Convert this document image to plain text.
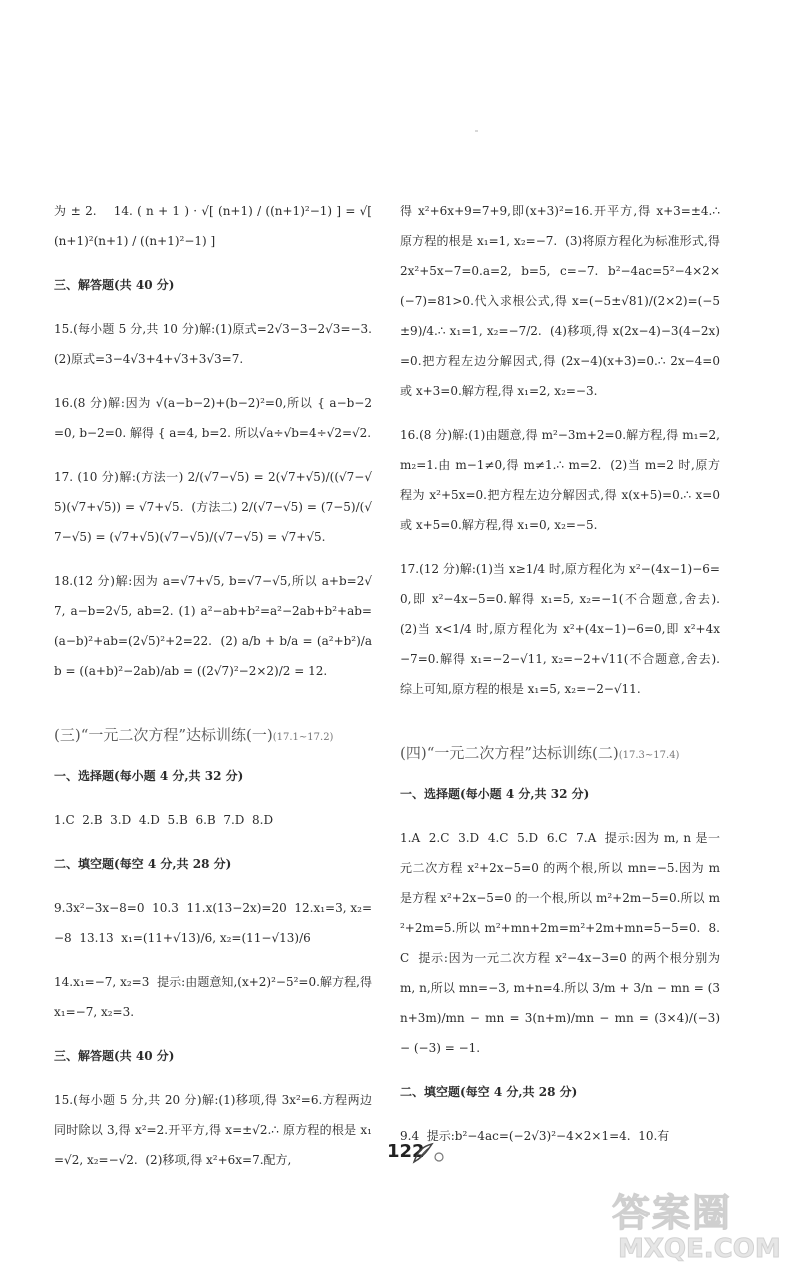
为 ± 2.    14. ( n + 1 ) · √[ (n+1) / ((n+1)²−1) ] = √[ (n+1)²(n+1) / ((n+1)²−1) ]

三、解答题(共 40 分)

15.(每小题 5 分,共 10 分)解:(1)原式=2√3−3−2√3=−3.  (2)原式=3−4√3+4+√3+3√3=7.

16.(8 分)解:因为 √(a−b−2)+(b−2)²=0,所以 { a−b−2=0, b−2=0. 解得 { a=4, b=2. 所以√a÷√b=4÷√2=√2.

17. (10 分)解:(方法一) 2/(√7−√5) = 2(√7+√5)/((√7−√5)(√7+√5)) = √7+√5.  (方法二) 2/(√7−√5) = (7−5)/(√7−√5) = (√7+√5)(√7−√5)/(√7−√5) = √7+√5.

18.(12 分)解:因为 a=√7+√5, b=√7−√5,所以 a+b=2√7, a−b=2√5, ab=2. (1) a²−ab+b²=a²−2ab+b²+ab=(a−b)²+ab=(2√5)²+2=22.  (2) a/b + b/a = (a²+b²)/ab = ((a+b)²−2ab)/ab = ((2√7)²−2×2)/2 = 12.

(三)“一元二次方程”达标训练(一)(17.1~17.2)

一、选择题(每小题 4 分,共 32 分)

1.C  2.B  3.D  4.D  5.B  6.B  7.D  8.D

二、填空题(每空 4 分,共 28 分)

9.3x²−3x−8=0  10.3  11.x(13−2x)=20  12.x₁=3, x₂=−8  13.13  x₁=(11+√13)/6, x₂=(11−√13)/6

14.x₁=−7, x₂=3  提示:由题意知,(x+2)²−5²=0.解方程,得 x₁=−7, x₂=3.

三、解答题(共 40 分)

15.(每小题 5 分,共 20 分)解:(1)移项,得 3x²=6.方程两边同时除以 3,得 x²=2.开平方,得 x=±√2.∴ 原方程的根是 x₁=√2, x₂=−√2.  (2)移项,得 x²+6x=7.配方,

得 x²+6x+9=7+9,即(x+3)²=16.开平方,得 x+3=±4.∴ 原方程的根是 x₁=1, x₂=−7.  (3)将原方程化为标准形式,得 2x²+5x−7=0.a=2, b=5, c=−7. b²−4ac=5²−4×2×(−7)=81>0.代入求根公式,得 x=(−5±√81)/(2×2)=(−5±9)/4.∴ x₁=1, x₂=−7/2.  (4)移项,得 x(2x−4)−3(4−2x)=0.把方程左边分解因式,得 (2x−4)(x+3)=0.∴ 2x−4=0 或 x+3=0.解方程,得 x₁=2, x₂=−3.

16.(8 分)解:(1)由题意,得 m²−3m+2=0.解方程,得 m₁=2, m₂=1.由 m−1≠0,得 m≠1.∴ m=2.  (2)当 m=2 时,原方程为 x²+5x=0.把方程左边分解因式,得 x(x+5)=0.∴ x=0 或 x+5=0.解方程,得 x₁=0, x₂=−5.

17.(12 分)解:(1)当 x≥1/4 时,原方程化为 x²−(4x−1)−6=0,即 x²−4x−5=0.解得 x₁=5, x₂=−1(不合题意,舍去).  (2)当 x<1/4 时,原方程化为 x²+(4x−1)−6=0,即 x²+4x−7=0.解得 x₁=−2−√11, x₂=−2+√11(不合题意,舍去).综上可知,原方程的根是 x₁=5, x₂=−2−√11.

(四)“一元二次方程”达标训练(二)(17.3~17.4)

一、选择题(每小题 4 分,共 32 分)

1.A  2.C  3.D  4.C  5.D  6.C  7.A  提示:因为 m, n 是一元二次方程 x²+2x−5=0 的两个根,所以 mn=−5.因为 m 是方程 x²+2x−5=0 的一个根,所以 m²+2m−5=0.所以 m²+2m=5.所以 m²+mn+2m=m²+2m+mn=5−5=0.  8.C  提示:因为一元二次方程 x²−4x−3=0 的两个根分别为 m, n,所以 mn=−3, m+n=4.所以 3/m + 3/n − mn = (3n+3m)/mn − mn = 3(n+m)/mn − mn = (3×4)/(−3) − (−3) = −1.

二、填空题(每空 4 分,共 28 分)

9.4  提示:b²−4ac=(−2√3)²−4×2×1=4.  10.有

122
答案圈
MXQE.COM
